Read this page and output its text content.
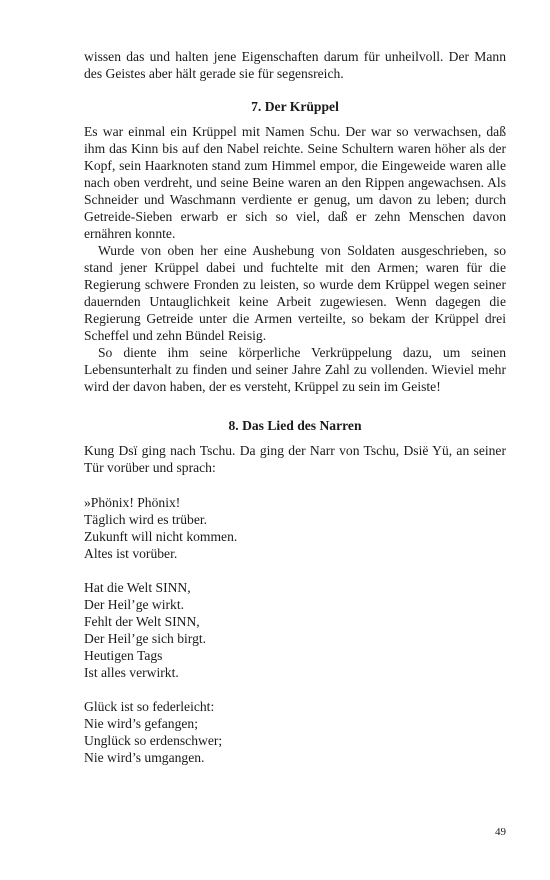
wissen das und halten jene Eigenschaften darum für unheilvoll. Der Mann des Geistes aber hält gerade sie für segensreich.

7. Der Krüppel

Es war einmal ein Krüppel mit Namen Schu. Der war so verwachsen, daß ihm das Kinn bis auf den Nabel reichte. Seine Schultern waren höher als der Kopf, sein Haarknoten stand zum Himmel empor, die Eingeweide waren alle nach oben verdreht, und seine Beine waren an den Rippen angewachsen. Als Schneider und Waschmann verdiente er genug, um davon zu leben; durch Getreide-Sieben erwarb er sich so viel, daß er zehn Menschen davon ernähren konnte.

Wurde von oben her eine Aushebung von Soldaten ausgeschrieben, so stand jener Krüppel dabei und fuchtelte mit den Armen; waren für die Regierung schwere Fronden zu leisten, so wurde dem Krüppel wegen seiner dauernden Untauglichkeit keine Arbeit zugewiesen. Wenn dagegen die Regierung Getreide unter die Armen verteilte, so bekam der Krüppel drei Scheffel und zehn Bündel Reisig.

So diente ihm seine körperliche Verkrüppelung dazu, um seinen Lebensunterhalt zu finden und seiner Jahre Zahl zu vollenden. Wieviel mehr wird der davon haben, der es versteht, Krüppel zu sein im Geiste!

8. Das Lied des Narren

Kung Dsï ging nach Tschu. Da ging der Narr von Tschu, Dsië Yü, an seiner Tür vorüber und sprach:

»Phönix! Phönix!
Täglich wird es trüber.
Zukunft will nicht kommen.
Altes ist vorüber.
Hat die Welt SINN,
Der Heil’ge wirkt.
Fehlt der Welt SINN,
Der Heil’ge sich birgt.
Heutigen Tags
Ist alles verwirkt.
Glück ist so federleicht:
Nie wird’s gefangen;
Unglück so erdenschwer;
Nie wird’s umgangen.
49
